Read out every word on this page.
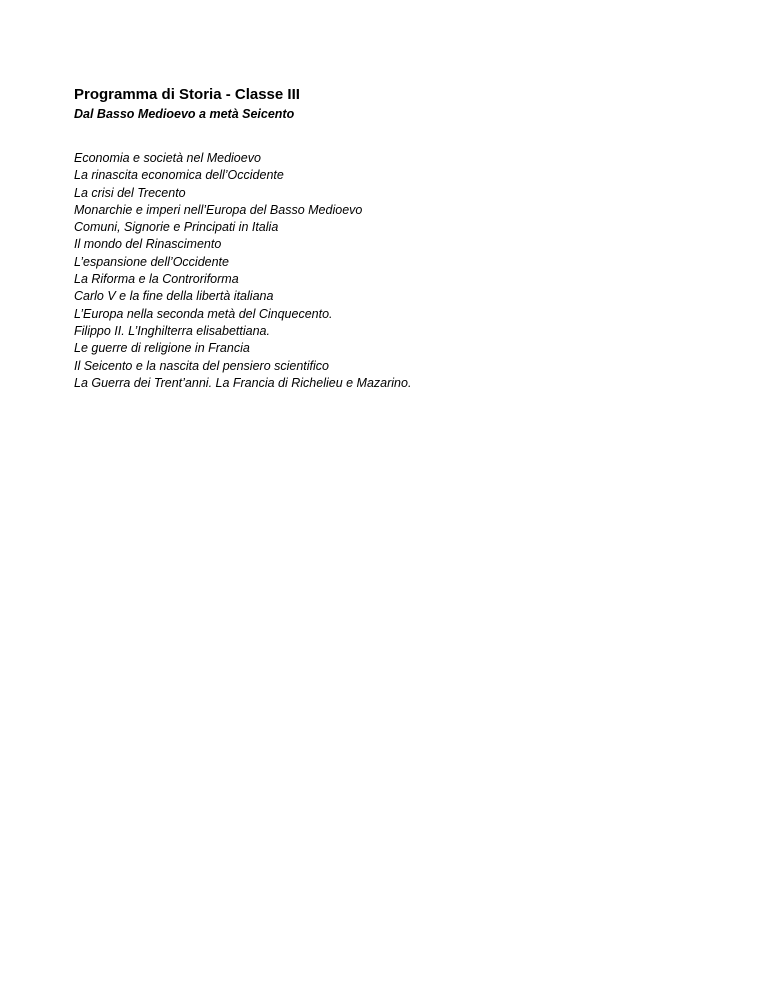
Programma di Storia - Classe III
Dal Basso Medioevo a metà Seicento
Economia e società nel Medioevo
La rinascita economica dell’Occidente
La crisi del Trecento
Monarchie e imperi nell’Europa del Basso Medioevo
Comuni, Signorie e Principati in Italia
Il mondo del Rinascimento
L’espansione dell’Occidente
La Riforma e la Controriforma
Carlo V e la fine della libertà italiana
L’Europa nella seconda metà del Cinquecento.
Filippo II. L’Inghilterra elisabettiana.
Le guerre di religione in Francia
Il Seicento e la nascita del pensiero scientifico
La Guerra dei Trent’anni. La Francia di Richelieu e Mazarino.
